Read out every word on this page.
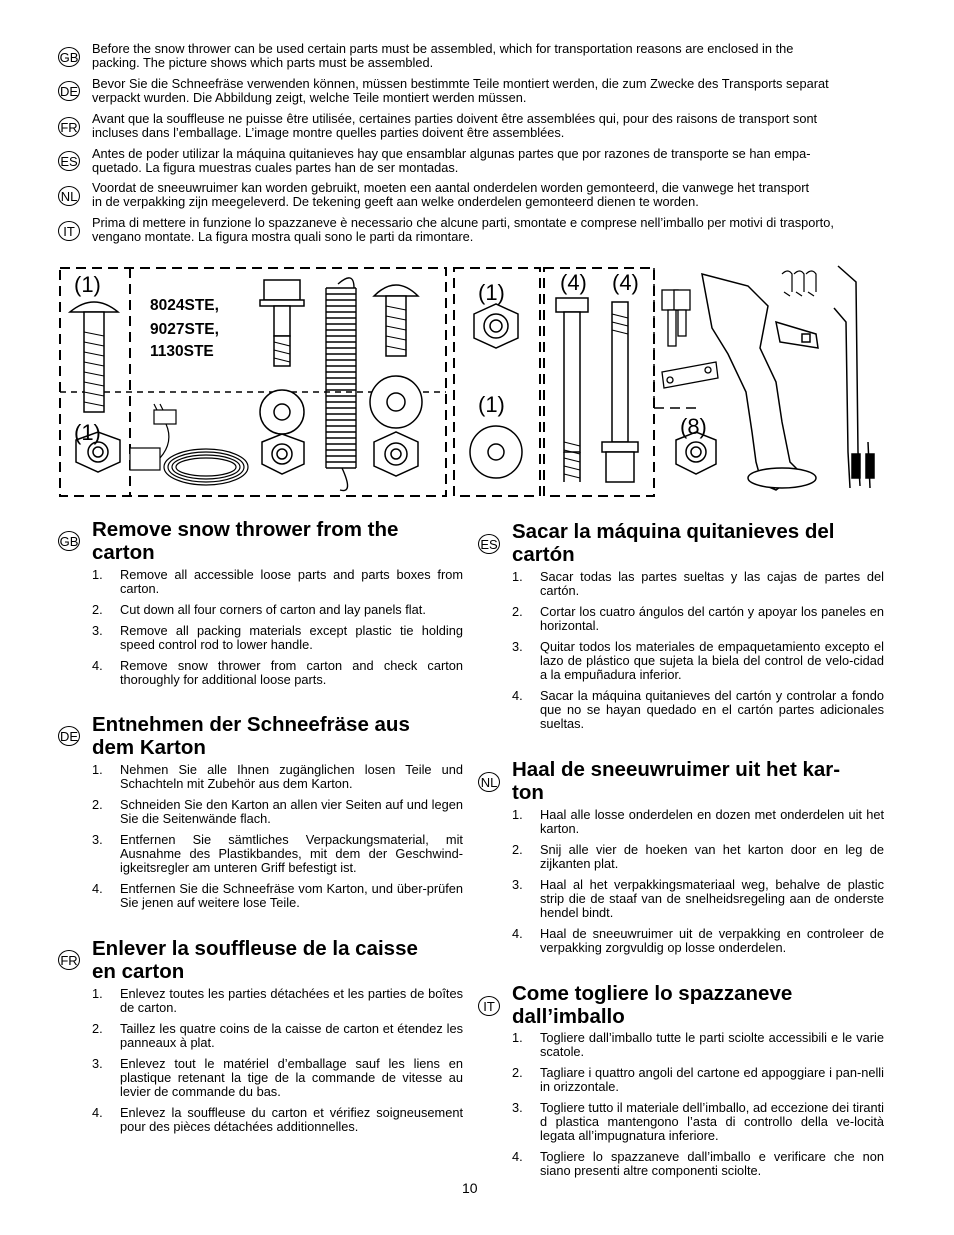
GB
Before the snow thrower can be used certain parts must be assembled, which for transportation reasons are enclosed in the
packing. The picture shows which parts must be assembled.
DE
Bevor Sie die Schneefräse verwenden können, müssen bestimmte Teile montiert werden, die zum Zwecke des Transports separat
verpackt wurden. Die Abbildung zeigt, welche Teile montiert werden müssen.
FR
Avant que la souffleuse ne puisse être utilisée, certaines parties doivent être assemblées qui, pour des raisons de transport sont
incluses dans l’emballage. L’image montre quelles parties doivent être assemblées.
ES
Antes de poder utilizar la máquina quitanieves hay que ensamblar algunas partes que por razones de transporte se han empa-
quetado. La figura muestras cuales partes han de ser montadas.
NL
Voordat de sneeuwruimer kan worden gebruikt, moeten een aantal onderdelen worden gemonteerd, die vanwege het transport
in de verpakking zijn meegeleverd. De tekening geeft aan welke onderdelen gemonteerd dienen te worden.
IT
Prima di mettere in funzione lo spazzaneve è necessario che alcune parti, smontate e comprese nell’imballo per motivi di trasporto,
vengano montate. La figura mostra quali sono le parti da rimontare.
(1)
(1)
(1)
(1)
(4) (4)
(8)
8024STE,
9027STE,
1130STE
GB
Remove snow thrower from the
carton
1. Remove all accessible loose parts and parts boxes from carton.
2. Cut down all four corners of carton and lay panels flat.
3. Remove all packing materials except plastic tie holding speed control rod to lower handle.
4. Remove snow thrower from carton and check carton thoroughly for additional loose parts.
DE
Entnehmen der Schneefräse aus
dem Karton
1. Nehmen Sie alle Ihnen zugänglichen losen Teile und Schachteln mit Zubehör aus dem Karton.
2. Schneiden Sie den Karton an allen vier Seiten auf und legen Sie die Seitenwände flach.
3. Entfernen Sie sämtliches Verpackungsmaterial, mit Ausnahme des Plastikbandes, mit dem der Geschwind-igkeitsregler am unteren Griff befestigt ist.
4. Entfernen Sie die Schneefräse vom Karton, und über-prüfen Sie jenen auf weitere lose Teile.
FR
Enlever la souffleuse de la caisse
en carton
1. Enlevez toutes les parties détachées et les parties de boîtes de carton.
2. Taillez les quatre coins de la caisse de carton et étendez les panneaux à plat.
3. Enlevez tout le matériel d’emballage sauf les liens en plastique retenant la tige de la commande de vitesse au levier de commande du bas.
4. Enlevez la souffleuse du carton et vérifiez soigneusement pour des pièces détachées additionnelles.
ES
Sacar la máquina quitanieves del
cartón
1. Sacar todas las partes sueltas y las cajas de partes del cartón.
2. Cortar los cuatro ángulos del cartón y apoyar los paneles en horizontal.
3. Quitar todos los materiales de empaquetamiento excepto el lazo de plástico que sujeta la biela del control de velo-cidad a la empuñadura inferior.
4. Sacar la máquina quitanieves del cartón y controlar a fondo que no se hayan quedado en el cartón partes adicionales sueltas.
NL
Haal de sneeuwruimer uit het kar-
ton
1. Haal alle losse onderdelen en dozen met onderdelen uit het karton.
2. Snij alle vier de hoeken van het karton door en leg de zijkanten plat.
3. Haal al het verpakkingsmateriaal weg, behalve de plastic strip die de staaf van de snelheidsregeling aan de onderste hendel bindt.
4. Haal de sneeuwruimer uit de verpakking en controleer de verpakking zorgvuldig op losse onderdelen.
IT
Come togliere lo spazzaneve
dall’imballo
1. Togliere dall’imballo tutte le parti sciolte accessibili e le varie scatole.
2. Tagliare i quattro angoli del cartone ed appoggiare i pan-nelli in orizzontale.
3. Togliere tutto il materiale dell’imballo, ad eccezione dei tiranti d plastica mantengono l’asta di controllo della ve-locità legata all’impugnatura inferiore.
4. Togliere lo spazzaneve dall’imballo e verificare che non siano presenti altre componenti sciolte.
10
